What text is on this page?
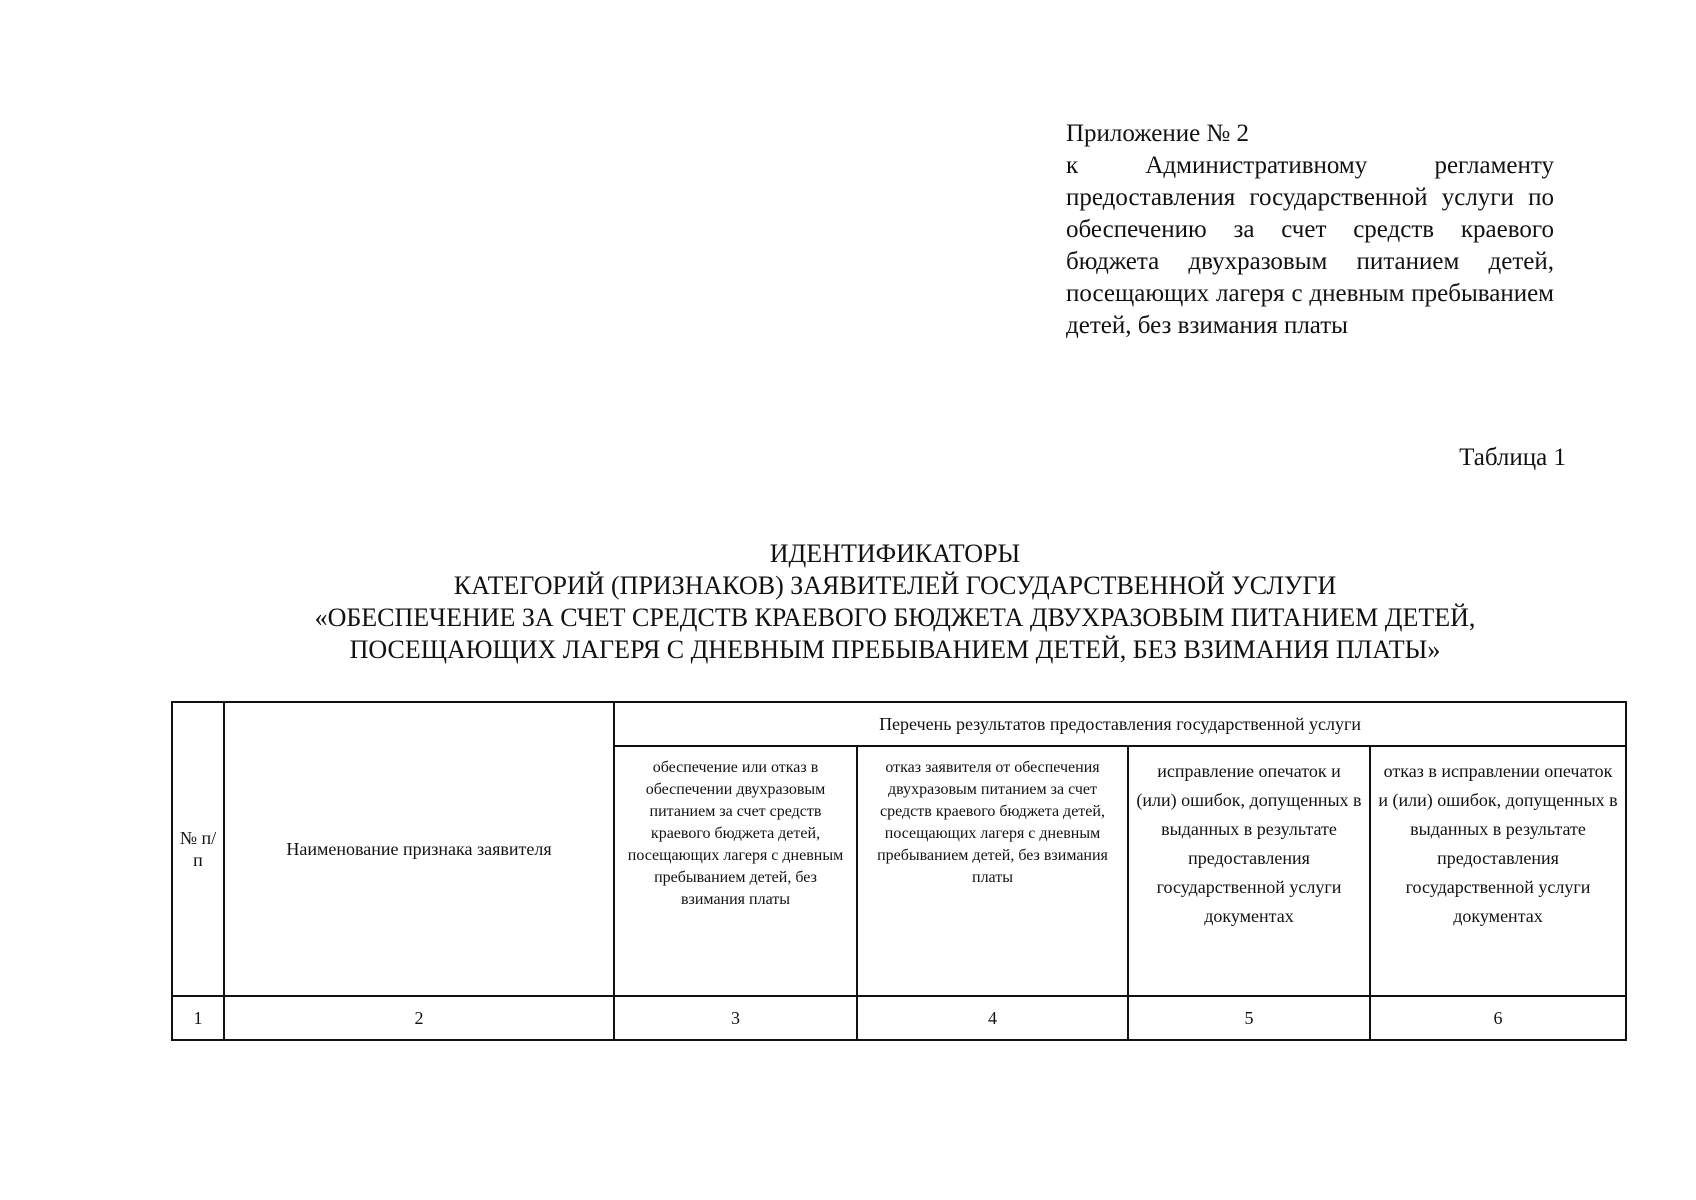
Приложение № 2
к Административному регламенту предоставления государственной услуги по обеспечению за счет средств краевого бюджета двухразовым питанием детей, посещающих лагеря с дневным пребыванием детей, без взимания платы
Таблица 1
ИДЕНТИФИКАТОРЫ
КАТЕГОРИЙ (ПРИЗНАКОВ) ЗАЯВИТЕЛЕЙ ГОСУДАРСТВЕННОЙ УСЛУГИ
«ОБЕСПЕЧЕНИЕ ЗА СЧЕТ СРЕДСТВ КРАЕВОГО БЮДЖЕТА ДВУХРАЗОВЫМ ПИТАНИЕМ ДЕТЕЙ,
ПОСЕЩАЮЩИХ ЛАГЕРЯ С ДНЕВНЫМ ПРЕБЫВАНИЕМ ДЕТЕЙ, БЕЗ ВЗИМАНИЯ ПЛАТЫ»
№ п/п	Наименование признака заявителя	Перечень результатов предоставления государственной услуги			
		обеспечение или отказ в обеспечении двухразовым питанием за счет средств краевого бюджета детей, посещающих лагеря с дневным пребыванием детей, без взимания платы	отказ заявителя от обеспечения двухразовым питанием за счет средств краевого бюджета детей, посещающих лагеря с дневным пребыванием детей, без взимания платы	исправление опечаток и (или) ошибок, допущенных в выданных в результате предоставления государственной услуги документах	отказ в исправлении опечаток и (или) ошибок, допущенных в выданных в результате предоставления государственной услуги документах
1	2	3	4	5	6
